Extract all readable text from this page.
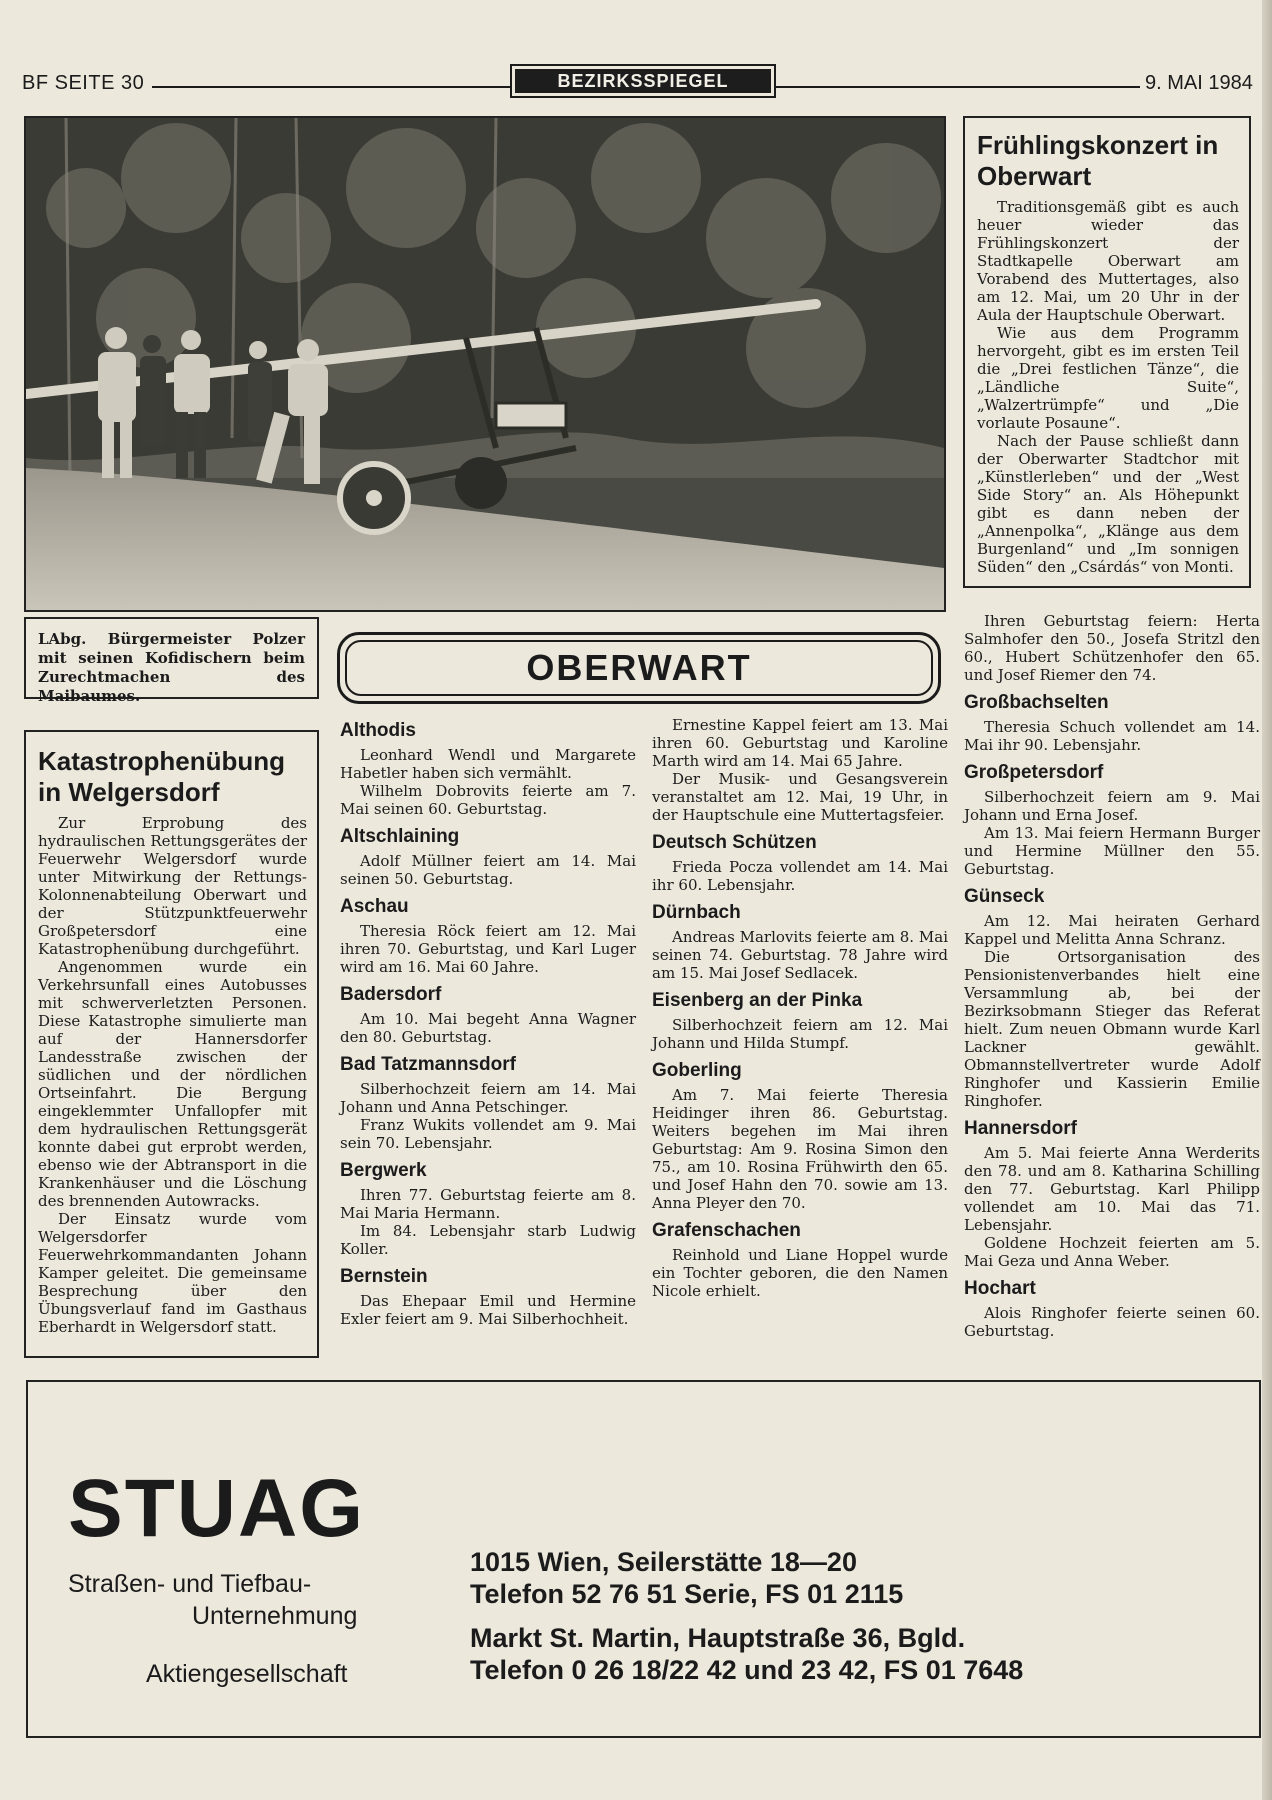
BF SEITE 30	BEZIRKSSPIEGEL	9. MAI 1984
LAbg. Bürgermeister Polzer mit seinen Kofidischern beim Zurechtmachen des Maibaumes.
Frühlingskonzert in Oberwart

Traditionsgemäß gibt es auch heuer wieder das Frühlingskonzert der Stadtkapelle Oberwart am Vorabend des Muttertages, also am 12. Mai, um 20 Uhr in der Aula der Hauptschule Oberwart.

Wie aus dem Programm hervorgeht, gibt es im ersten Teil die „Drei festlichen Tänze“, die „Ländliche Suite“, „Walzertrümpfe“ und „Die vorlaute Posaune“.

Nach der Pause schließt dann der Oberwarter Stadtchor mit „Künstlerleben“ und der „West Side Story“ an. Als Höhepunkt gibt es dann neben der „Annenpolka“, „Klänge aus dem Burgenland“ und „Im sonnigen Süden“ den „Csárdás“ von Monti.

Katastrophenübung in Welgersdorf

Zur Erprobung des hydraulischen Rettungsgerätes der Feuerwehr Welgersdorf wurde unter Mitwirkung der Rettungs-Kolonnenabteilung Oberwart und der Stützpunktfeuerwehr Großpetersdorf eine Katastrophenübung durchgeführt.

Angenommen wurde ein Verkehrsunfall eines Autobusses mit schwerverletzten Personen. Diese Katastrophe simulierte man auf der Hannersdorfer Landesstraße zwischen der südlichen und der nördlichen Ortseinfahrt. Die Bergung eingeklemmter Unfallopfer mit dem hydraulischen Rettungsgerät konnte dabei gut erprobt werden, ebenso wie der Abtransport in die Krankenhäuser und die Löschung des brennenden Autowracks.

Der Einsatz wurde vom Welgersdorfer Feuerwehrkommandanten Johann Kamper geleitet. Die gemeinsame Besprechung über den Übungsverlauf fand im Gasthaus Eberhardt in Welgersdorf statt.

OBERWART
Althodis

Leonhard Wendl und Margarete Habetler haben sich vermählt.

Wilhelm Dobrovits feierte am 7. Mai seinen 60. Geburtstag.

Altschlaining

Adolf Müllner feiert am 14. Mai seinen 50. Geburtstag.

Aschau

Theresia Röck feiert am 12. Mai ihren 70. Geburtstag, und Karl Luger wird am 16. Mai 60 Jahre.

Badersdorf

Am 10. Mai begeht Anna Wagner den 80. Geburtstag.

Bad Tatzmannsdorf

Silberhochzeit feiern am 14. Mai Johann und Anna Petschinger.

Franz Wukits vollendet am 9. Mai sein 70. Lebensjahr.

Bergwerk

Ihren 77. Geburtstag feierte am 8. Mai Maria Hermann.

Im 84. Lebensjahr starb Ludwig Koller.

Bernstein

Das Ehepaar Emil und Hermine Exler feiert am 9. Mai Silberhochheit.

Ernestine Kappel feiert am 13. Mai ihren 60. Geburtstag und Karoline Marth wird am 14. Mai 65 Jahre.

Der Musik- und Gesangsverein veranstaltet am 12. Mai, 19 Uhr, in der Hauptschule eine Muttertagsfeier.

Deutsch Schützen

Frieda Pocza vollendet am 14. Mai ihr 60. Lebensjahr.

Dürnbach

Andreas Marlovits feierte am 8. Mai seinen 74. Geburtstag. 78 Jahre wird am 15. Mai Josef Sedlacek.

Eisenberg an der Pinka

Silberhochzeit feiern am 12. Mai Johann und Hilda Stumpf.

Goberling

Am 7. Mai feierte Theresia Heidinger ihren 86. Geburtstag. Weiters begehen im Mai ihren Geburtstag: Am 9. Rosina Simon den 75., am 10. Rosina Frühwirth den 65. und Josef Hahn den 70. sowie am 13. Anna Pleyer den 70.

Grafenschachen

Reinhold und Liane Hoppel wurde ein Tochter geboren, die den Namen Nicole erhielt.

Ihren Geburtstag feiern: Herta Salmhofer den 50., Josefa Stritzl den 60., Hubert Schützenhofer den 65. und Josef Riemer den 74.

Großbachselten

Theresia Schuch vollendet am 14. Mai ihr 90. Lebensjahr.

Großpetersdorf

Silberhochzeit feiern am 9. Mai Johann und Erna Josef.

Am 13. Mai feiern Hermann Burger und Hermine Müllner den 55. Geburtstag.

Günseck

Am 12. Mai heiraten Gerhard Kappel und Melitta Anna Schranz.

Die Ortsorganisation des Pensionistenverbandes hielt eine Versammlung ab, bei der Bezirksobmann Stieger das Referat hielt. Zum neuen Obmann wurde Karl Lackner gewählt. Obmannstellvertreter wurde Adolf Ringhofer und Kassierin Emilie Ringhofer.

Hannersdorf

Am 5. Mai feierte Anna Werderits den 78. und am 8. Katharina Schilling den 77. Geburtstag. Karl Philipp vollendet am 10. Mai das 71. Lebensjahr.

Goldene Hochzeit feierten am 5. Mai Geza und Anna Weber.

Hochart

Alois Ringhofer feierte seinen 60. Geburtstag.

STUAG
Straßen- und Tiefbau-
Unternehmung
Aktiengesellschaft
1015 Wien, Seilerstätte 18—20
Telefon 52 76 51 Serie, FS 01 2115
Markt St. Martin, Hauptstraße 36, Bgld.
Telefon 0 26 18/22 42 und 23 42, FS 01 7648
